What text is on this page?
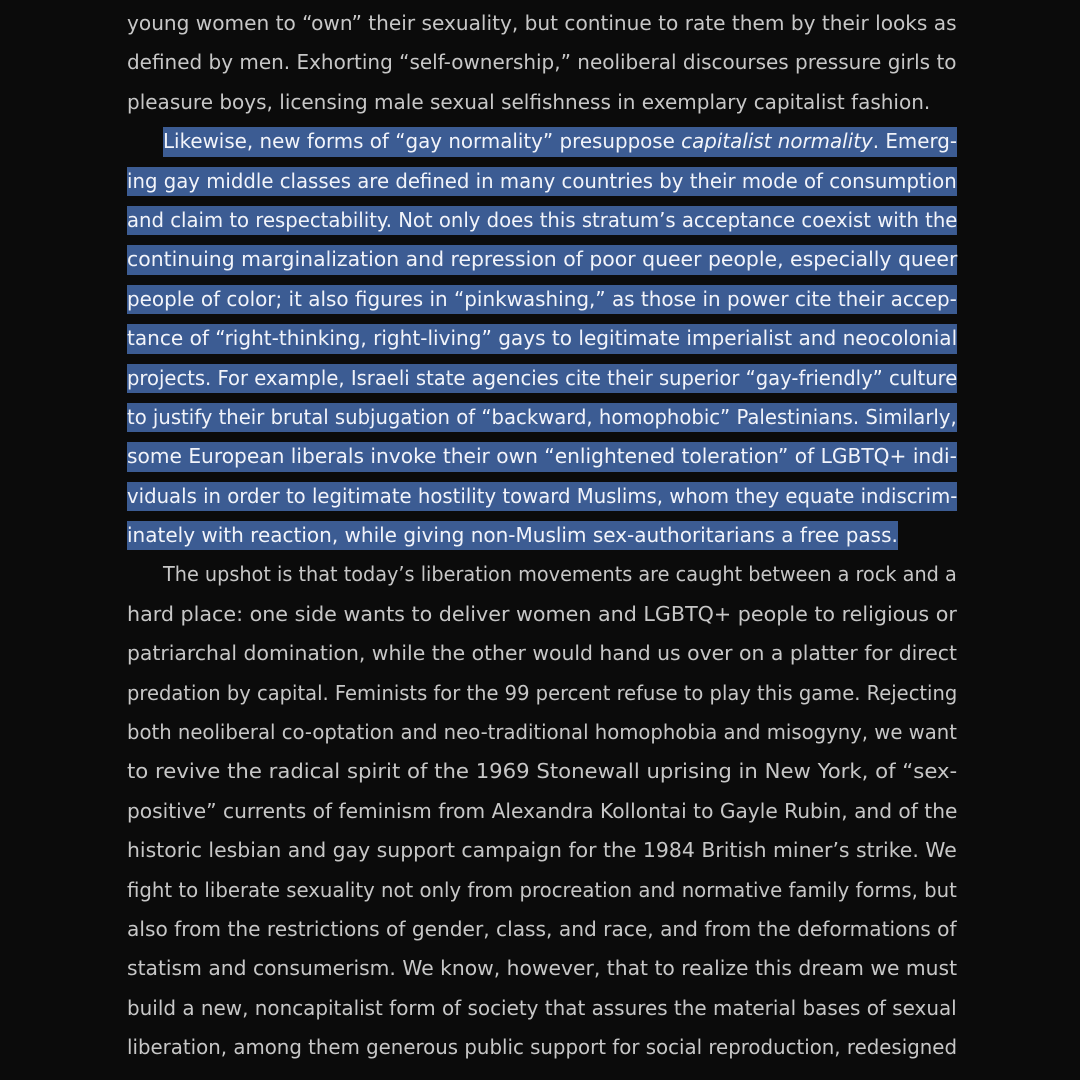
young women to “own” their sexuality, but continue to rate them by their looks as
defined by men. Exhorting “self-ownership,” neoliberal discourses pressure girls to
pleasure boys, licensing male sexual selfishness in exemplary capitalist fashion.
Likewise, new forms of “gay normality” presuppose capitalist normality. Emerg-
ing gay middle classes are defined in many countries by their mode of consumption
and claim to respectability. Not only does this stratum’s acceptance coexist with the
continuing marginalization and repression of poor queer people, especially queer
people of color; it also figures in “pinkwashing,” as those in power cite their accep-
tance of “right-thinking, right-living” gays to legitimate imperialist and neocolonial
projects. For example, Israeli state agencies cite their superior “gay-friendly” culture
to justify their brutal subjugation of “backward, homophobic” Palestinians. Similarly,
some European liberals invoke their own “enlightened toleration” of LGBTQ+ indi-
viduals in order to legitimate hostility toward Muslims, whom they equate indiscrim-
inately with reaction, while giving non-Muslim sex-authoritarians a free pass.
The upshot is that today’s liberation movements are caught between a rock and a
hard place: one side wants to deliver women and LGBTQ+ people to religious or
patriarchal domination, while the other would hand us over on a platter for direct
predation by capital. Feminists for the 99 percent refuse to play this game. Rejecting
both neoliberal co-optation and neo-traditional homophobia and misogyny, we want
to revive the radical spirit of the 1969 Stonewall uprising in New York, of “sex-
positive” currents of feminism from Alexandra Kollontai to Gayle Rubin, and of the
historic lesbian and gay support campaign for the 1984 British miner’s strike. We
fight to liberate sexuality not only from procreation and normative family forms, but
also from the restrictions of gender, class, and race, and from the deformations of
statism and consumerism. We know, however, that to realize this dream we must
build a new, noncapitalist form of society that assures the material bases of sexual
liberation, among them generous public support for social reproduction, redesigned
